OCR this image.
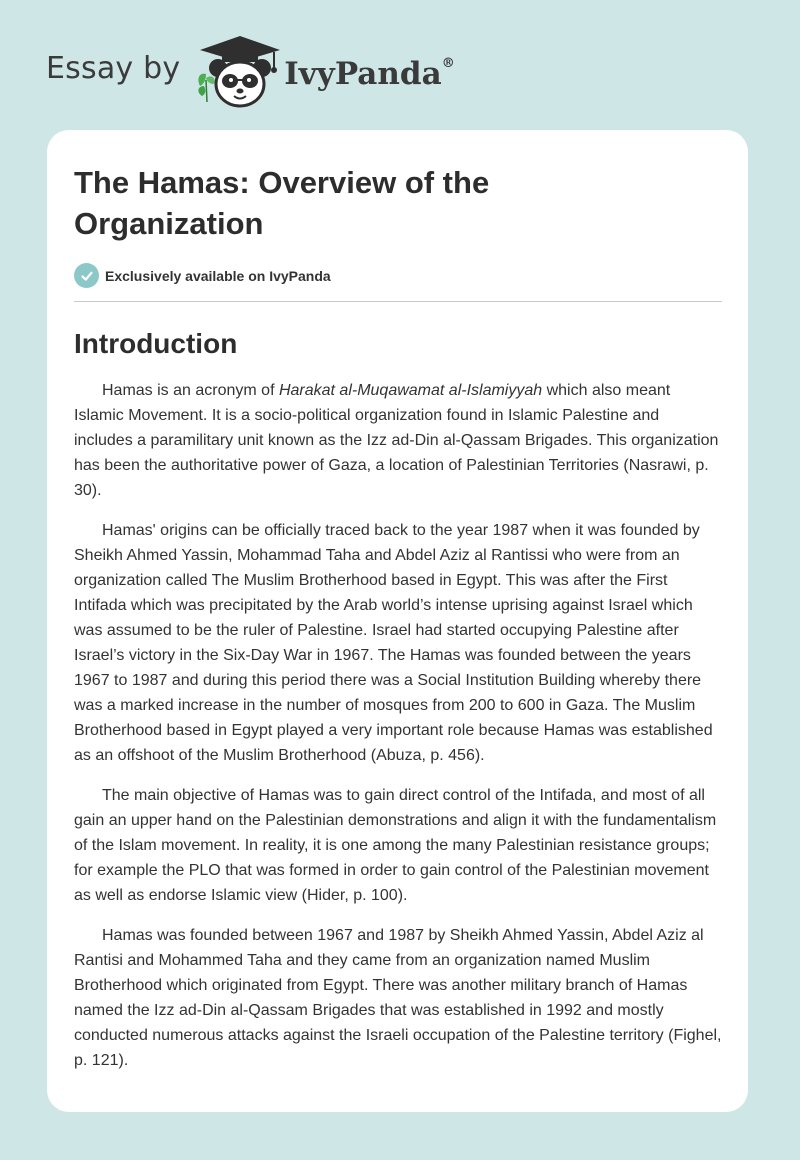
Essay by	IvyPanda®
The Hamas: Overview of the Organization
Exclusively available on IvyPanda
Introduction

Hamas is an acronym of Harakat al-Muqawamat al-Islamiyyah which also meant Islamic Movement. It is a socio-political organization found in Islamic Palestine and includes a paramilitary unit known as the Izz ad-Din al-Qassam Brigades. This organization has been the authoritative power of Gaza, a location of Palestinian Territories (Nasrawi, p. 30).

Hamas' origins can be officially traced back to the year 1987 when it was founded by Sheikh Ahmed Yassin, Mohammad Taha and Abdel Aziz al Rantissi who were from an organization called The Muslim Brotherhood based in Egypt. This was after the First Intifada which was precipitated by the Arab world’s intense uprising against Israel which was assumed to be the ruler of Palestine. Israel had started occupying Palestine after Israel’s victory in the Six-Day War in 1967. The Hamas was founded between the years 1967 to 1987 and during this period there was a Social Institution Building whereby there was a marked increase in the number of mosques from 200 to 600 in Gaza. The Muslim Brotherhood based in Egypt played a very important role because Hamas was established as an offshoot of the Muslim Brotherhood (Abuza, p. 456).

The main objective of Hamas was to gain direct control of the Intifada, and most of all gain an upper hand on the Palestinian demonstrations and align it with the fundamentalism of the Islam movement. In reality, it is one among the many Palestinian resistance groups; for example the PLO that was formed in order to gain control of the Palestinian movement as well as endorse Islamic view (Hider, p. 100).

Hamas was founded between 1967 and 1987 by Sheikh Ahmed Yassin, Abdel Aziz al Rantisi and Mohammed Taha and they came from an organization named Muslim Brotherhood which originated from Egypt. There was another military branch of Hamas named the Izz ad-Din al-Qassam Brigades that was established in 1992 and mostly conducted numerous attacks against the Israeli occupation of the Palestine territory (Fighel, p. 121).
